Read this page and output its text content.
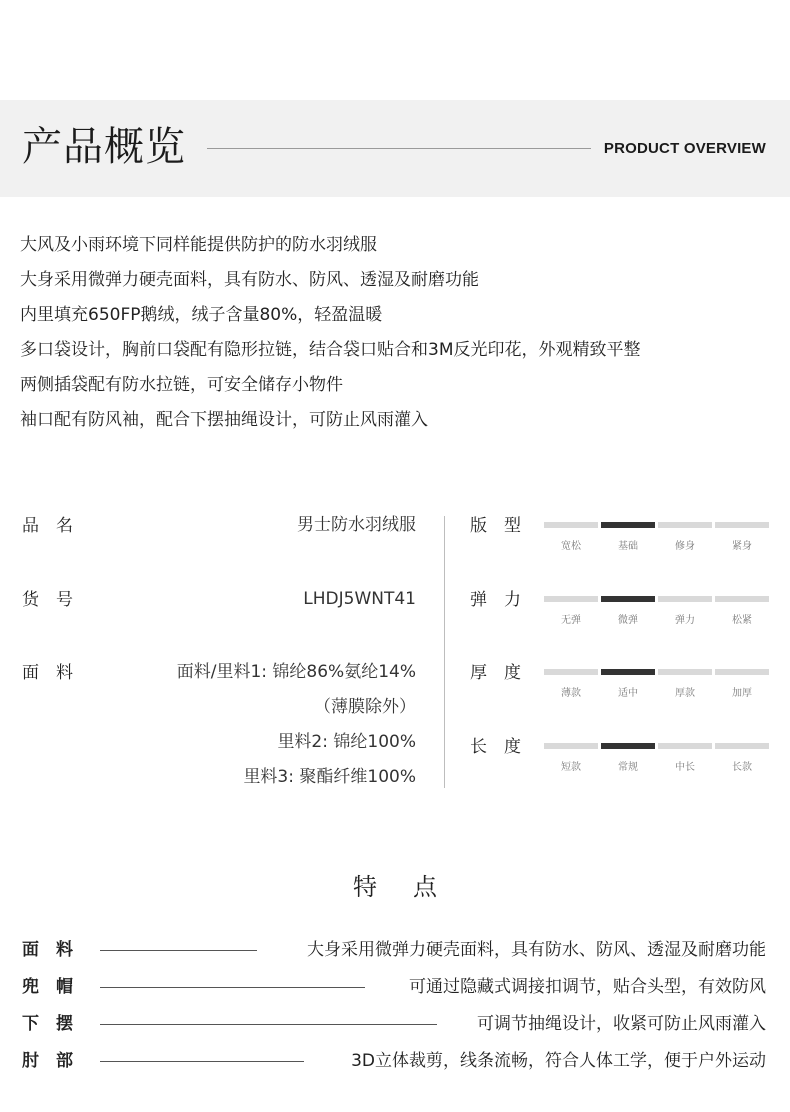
产品概览	PRODUCT OVERVIEW
大风及小雨环境下同样能提供防护的防水羽绒服
大身采用微弹力硬壳面料，具有防水、防风、透湿及耐磨功能
内里填充650FP鹅绒，绒子含量80%，轻盈温暖
多口袋设计，胸前口袋配有隐形拉链，结合袋口贴合和3M反光印花，外观精致平整
两侧插袋配有防水拉链，可安全储存小物件
袖口配有防风袖，配合下摆抽绳设计，可防止风雨灌入
品　名	男士防水羽绒服
货　号	LHDJ5WNT41
面　料	面料/里料1: 锦纶86%氨纶14%
（薄膜除外）
里料2: 锦纶100%
里料3: 聚酯纤维100%
版　型
宽松	基础	修身	紧身
弹　力
无弹	微弹	弹力	松紧
厚　度
薄款	适中	厚款	加厚
长　度
短款	常规	中长	长款
特点
面　料	大身采用微弹力硬壳面料，具有防水、防风、透湿及耐磨功能
兜　帽	可通过隐藏式调接扣调节，贴合头型，有效防风
下　摆	可调节抽绳设计，收紧可防止风雨灌入
肘　部	3D立体裁剪，线条流畅，符合人体工学，便于户外运动
